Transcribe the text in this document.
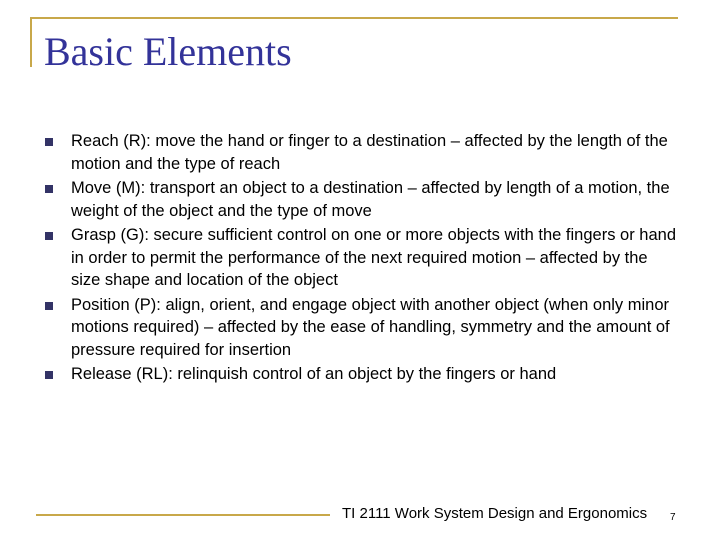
Basic Elements
Reach (R): move the hand or finger to a destination – affected by the length of the motion and the type of reach
Move (M): transport an object to a destination – affected by length of a motion, the weight of the object and the type of move
Grasp (G): secure sufficient control on one or more objects with the fingers or hand in order to permit the performance of the next required motion – affected by the size shape and location of the object
Position (P): align, orient, and engage object with another object (when only minor motions required) – affected by the ease of handling, symmetry and the amount of pressure required for insertion
Release (RL): relinquish control of an object by the fingers or hand
TI 2111 Work System Design and Ergonomics 7
